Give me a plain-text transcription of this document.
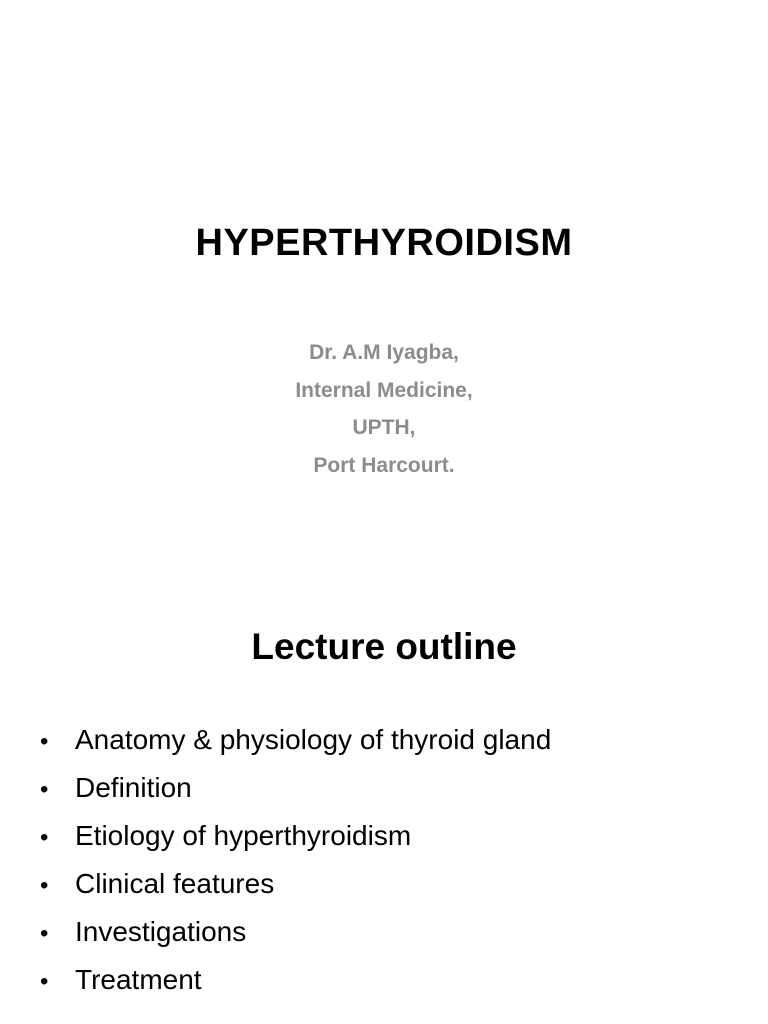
HYPERTHYROIDISM
Dr. A.M Iyagba,
Internal Medicine,
UPTH,
Port Harcourt.
Lecture outline
• Anatomy & physiology of thyroid gland
• Definition
• Etiology of hyperthyroidism
• Clinical features
• Investigations
• Treatment
